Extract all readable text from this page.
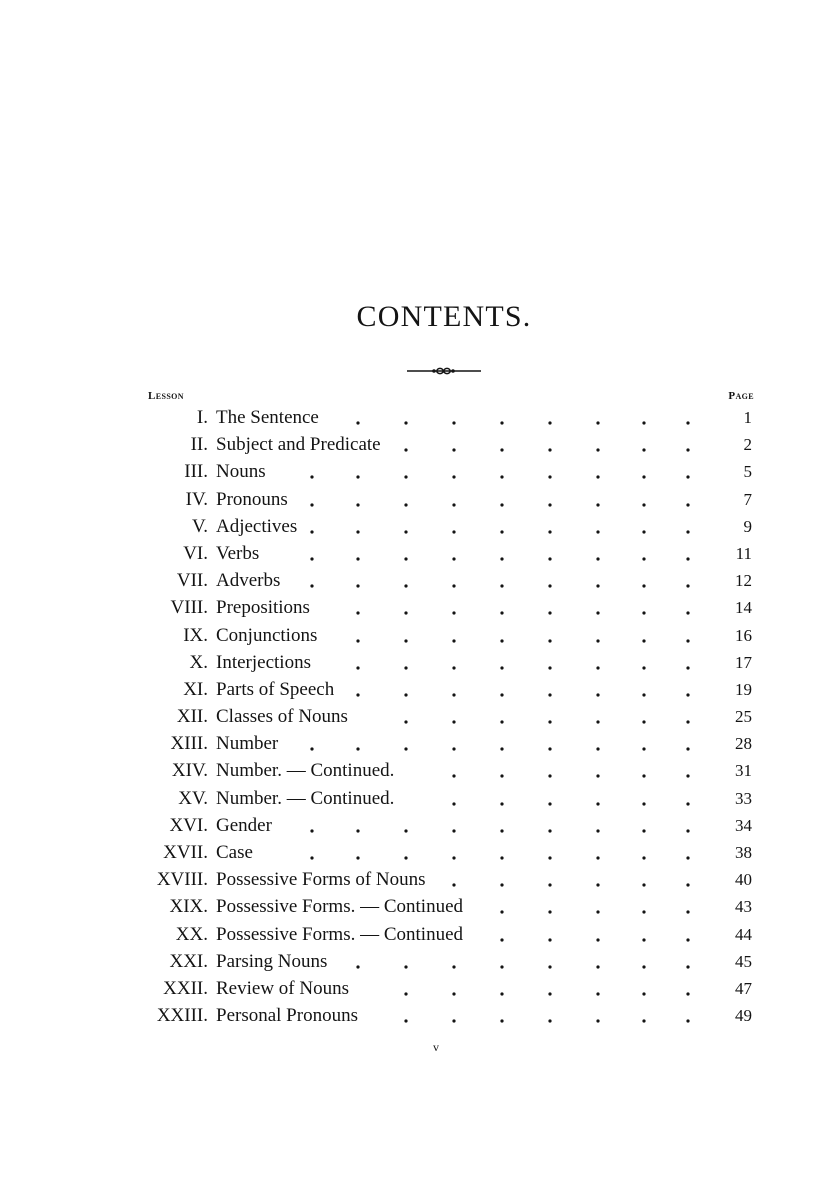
CONTENTS.
Lesson	Page
I. The Sentence	1
II. Subject and Predicate	2
III. Nouns	5
IV. Pronouns	7
V. Adjectives	9
VI. Verbs	11
VII. Adverbs	12
VIII. Prepositions	14
IX. Conjunctions	16
X. Interjections	17
XI. Parts of Speech	19
XII. Classes of Nouns	25
XIII. Number	28
XIV. Number. — Continued.	31
XV. Number. — Continued.	33
XVI. Gender	34
XVII. Case	38
XVIII. Possessive Forms of Nouns	40
XIX. Possessive Forms. — Continued	43
XX. Possessive Forms. — Continued	44
XXI. Parsing Nouns	45
XXII. Review of Nouns	47
XXIII. Personal Pronouns	49
v
